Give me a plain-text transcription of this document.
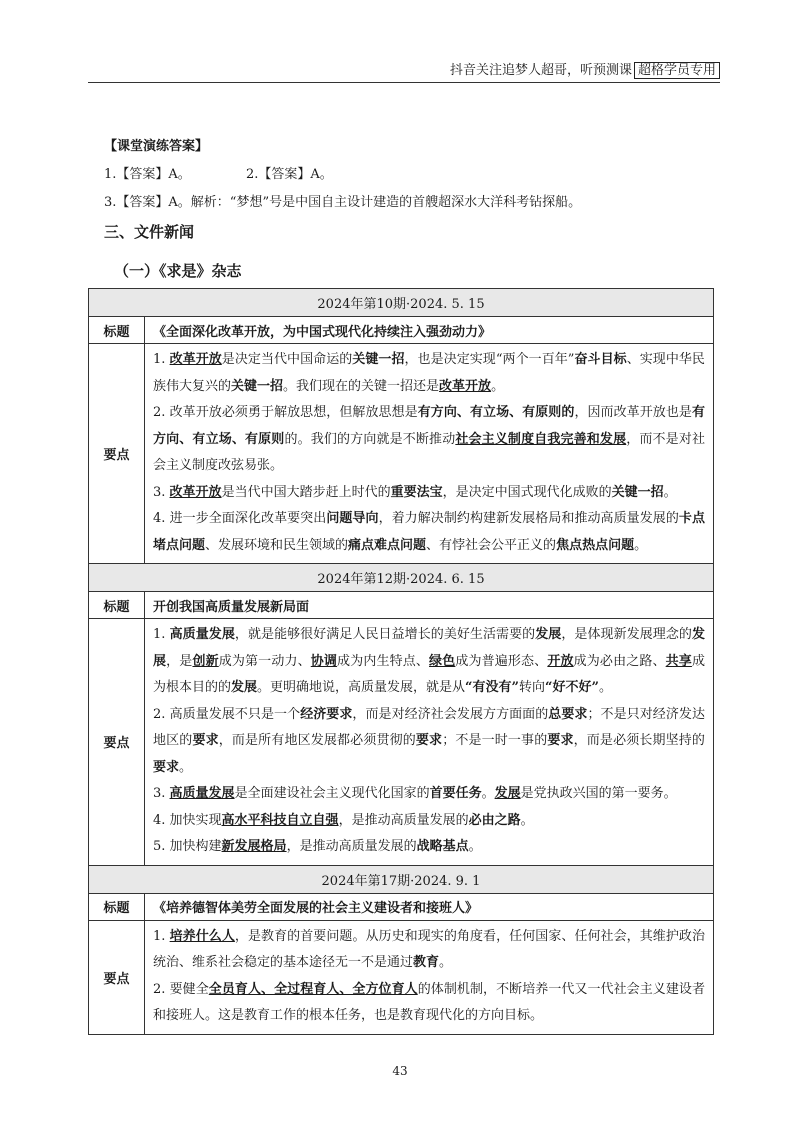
抖音关注追梦人超哥，听预测课 超格学员专用
【课堂演练答案】
1.【答案】A。	2.【答案】A。
3.【答案】A。解析：“梦想”号是中国自主设计建造的首艘超深水大洋科考钻探船。
三、文件新闻
（一）《求是》杂志
2024年第10期·2024. 5. 15	
标题	《全面深化改革开放，为中国式现代化持续注入强劲动力》
要点	1. 改革开放是决定当代中国命运的关键一招，也是决定实现“两个一百年”奋斗目标、实现中华民族伟大复兴的关键一招。我们现在的关键一招还是改革开放。
2. 改革开放必须勇于解放思想，但解放思想是有方向、有立场、有原则的，因而改革开放也是有方向、有立场、有原则的。我们的方向就是不断推动社会主义制度自我完善和发展，而不是对社会主义制度改弦易张。
3. 改革开放是当代中国大踏步赶上时代的重要法宝，是决定中国式现代化成败的关键一招。
4. 进一步全面深化改革要突出问题导向，着力解决制约构建新发展格局和推动高质量发展的卡点堵点问题、发展环境和民生领域的痛点难点问题、有悖社会公平正义的焦点热点问题。

2024年第12期·2024. 6. 15	
标题	开创我国高质量发展新局面
要点	1. 高质量发展，就是能够很好满足人民日益增长的美好生活需要的发展，是体现新发展理念的发展，是创新成为第一动力、协调成为内生特点、绿色成为普遍形态、开放成为必由之路、共享成为根本目的的发展。更明确地说，高质量发展，就是从“有没有”转向“好不好”。
2. 高质量发展不只是一个经济要求，而是对经济社会发展方方面面的总要求；不是只对经济发达地区的要求，而是所有地区发展都必须贯彻的要求；不是一时一事的要求，而是必须长期坚持的要求。
3. 高质量发展是全面建设社会主义现代化国家的首要任务。发展是党执政兴国的第一要务。
4. 加快实现高水平科技自立自强，是推动高质量发展的必由之路。
5. 加快构建新发展格局，是推动高质量发展的战略基点。

2024年第17期·2024. 9. 1	
标题	《培养德智体美劳全面发展的社会主义建设者和接班人》
要点	1. 培养什么人，是教育的首要问题。从历史和现实的角度看，任何国家、任何社会，其维护政治统治、维系社会稳定的基本途径无一不是通过教育。
2. 要健全全员育人、全过程育人、全方位育人的体制机制，不断培养一代又一代社会主义建设者和接班人。这是教育工作的根本任务，也是教育现代化的方向目标。
43
